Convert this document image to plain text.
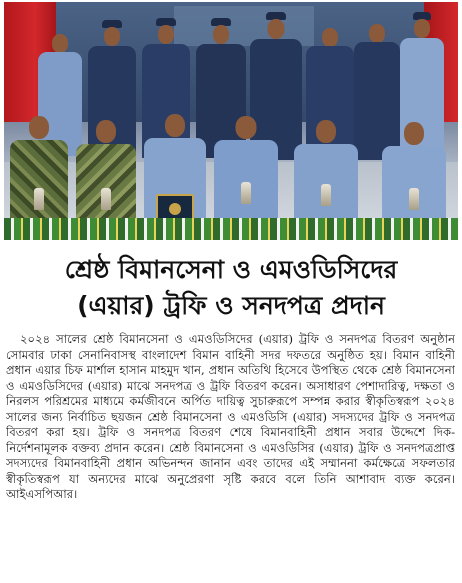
শ্রেষ্ঠ বিমানসেনা ও এমওডিসিদের
(এয়ার) ট্রফি ও সনদপত্র প্রদান

২০২৪ সালের শ্রেষ্ঠ বিমানসেনা ও এমওডিসিদের (এয়ার) ট্রফি ও সনদপত্র বিতরণ অনুষ্ঠান সোমবার ঢাকা সেনানিবাসস্থ বাংলাদেশ বিমান বাহিনী সদর দফতরে অনুষ্ঠিত হয়। বিমান বাহিনী প্রধান এয়ার চিফ মার্শাল হাসান মাহমুদ খান, প্রধান অতিথি হিসেবে উপস্থিত থেকে শ্রেষ্ঠ বিমানসেনা ও এমওডিসিদের (এয়ার) মাঝে সনদপত্র ও ট্রফি বিতরণ করেন। অসাধারণ পেশাদারিত্ব, দক্ষতা ও নিরলস পরিশ্রমের মাধ্যমে কর্মজীবনে অর্পিত দায়িত্ব সুচারুরূপে সম্পন্ন করার স্বীকৃতিস্বরূপ ২০২৪ সালের জন্য নির্বাচিত ছয়জন শ্রেষ্ঠ বিমানসেনা ও এমওডিসি (এয়ার) সদস্যদের ট্রফি ও সনদপত্র বিতরণ করা হয়। ট্রফি ও সনদপত্র বিতরণ শেষে বিমানবাহিনী প্রধান সবার উদ্দেশে দিক-নির্দেশনামূলক বক্তব্য প্রদান করেন। শ্রেষ্ঠ বিমানসেনা ও এমওডিসির (এয়ার) ট্রফি ও সনদপত্রপ্রাপ্ত সদস্যদের বিমানবাহিনী প্রধান অভিনন্দন জানান এবং তাদের এই সম্মাননা কর্মক্ষেত্রে সফলতার স্বীকৃতিস্বরূপ যা অন্যদের মাঝে অনুপ্রেরণা সৃষ্টি করবে বলে তিনি আশাবাদ ব্যক্ত করেন। আইএসপিআর।
